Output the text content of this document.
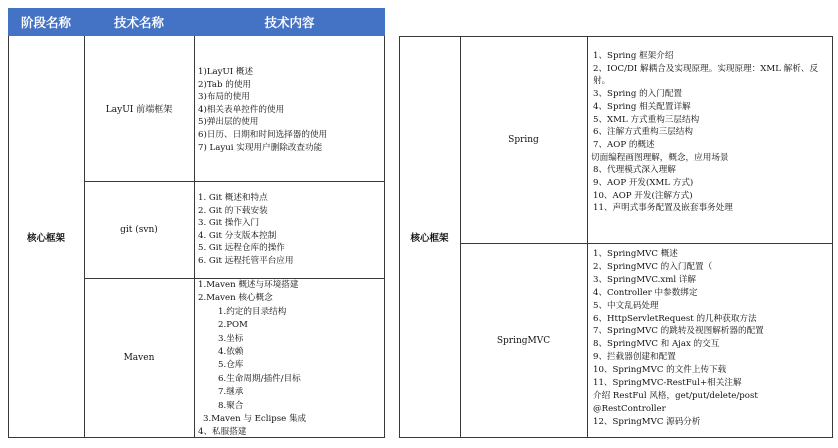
阶段名称	技术名称	技术内容
核心框架
LayUI 前端框架
git (svn)
Maven
1)LayUI 概述
2)Tab 的使用
3)布局的使用
4)相关表单控件的使用
5)弹出层的使用
6)日历、日期和时间选择器的使用
7) Layui 实现用户删除改查功能
1. Git 概述和特点
2. Git 的下载安装
3. Git 操作入门
4. Git 分支版本控制
5. Git 远程仓库的操作
6. Git 远程托管平台应用
1.Maven 概述与环境搭建
2.Maven 核心概念
1.约定的目录结构
2.POM
3.坐标
4.依赖
5.仓库
6.生命周期/插件/目标
7.继承
8.聚合
3.Maven 与 Eclipse 集成
4、私服搭建
核心框架
Spring
SpringMVC
1、Spring 框架介绍
2、IOC/DI 解耦合及实现原理。实现原理：XML 解析、反射。
3、Spring 的入门配置
4、Spring 相关配置详解
5、XML 方式重构三层结构
6、注解方式重构三层结构
7、AOP 的概述
切面编程画图理解，概念，应用场景
8、代理模式深入理解
9、AOP 开发(XML 方式)
10、AOP 开发(注解方式)
11、声明式事务配置及嵌套事务处理
1、SpringMVC 概述
2、SpringMVC 的入门配置（
3、SpringMVC.xml 详解
4、Controller 中参数绑定
5、中文乱码处理
6、HttpServletRequest 的几种获取方法
7、SpringMVC 的跳转及视图解析器的配置
8、SpringMVC 和 Ajax 的交互
9、拦截器创建和配置
10、SpringMVC 的文件上传下载
11、SpringMVC-RestFul+相关注解
介绍 RestFul 风格，get/put/delete/post
@RestController
12、SpringMVC 源码分析
